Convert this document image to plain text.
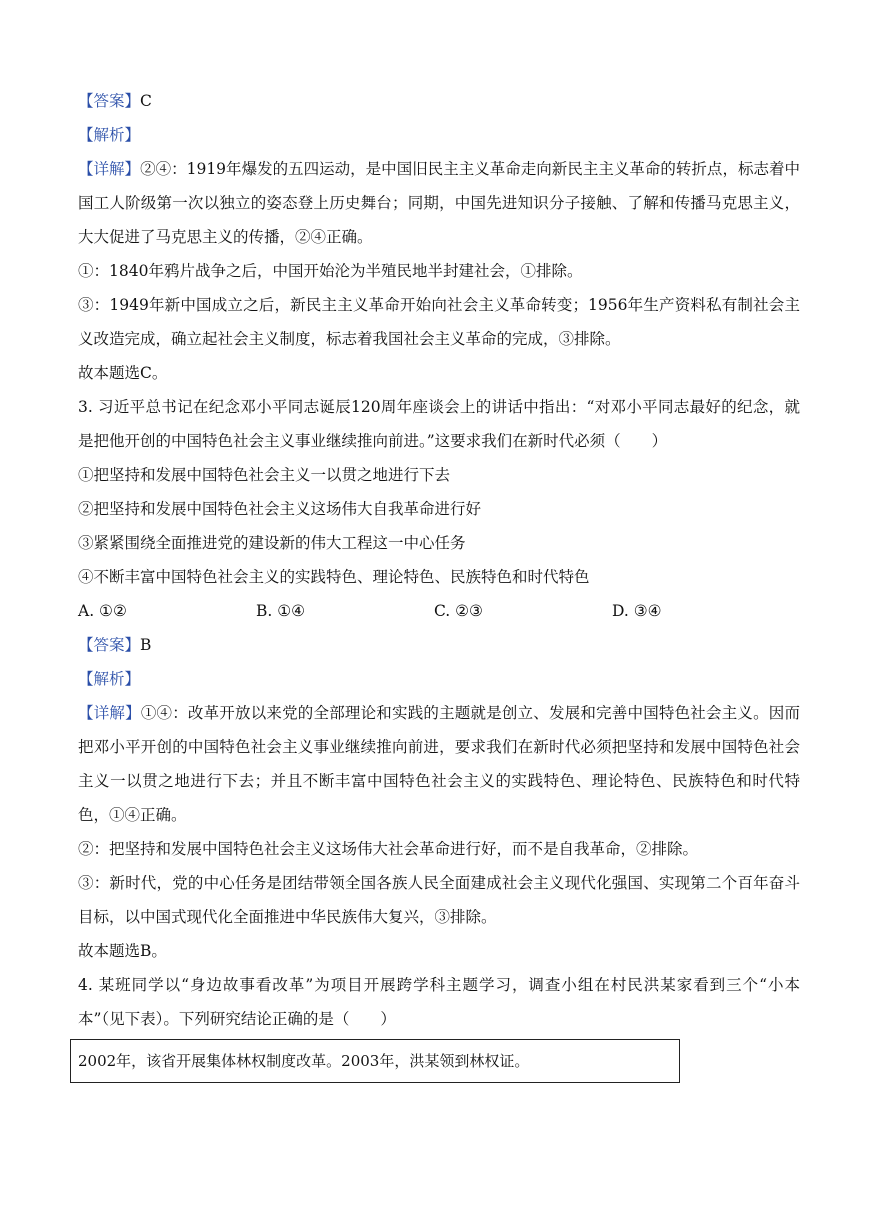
【答案】C
【解析】
【详解】②④：1919年爆发的五四运动，是中国旧民主主义革命走向新民主主义革命的转折点，标志着中国工人阶级第一次以独立的姿态登上历史舞台；同期，中国先进知识分子接触、了解和传播马克思主义，大大促进了马克思主义的传播，②④正确。
①：1840年鸦片战争之后，中国开始沦为半殖民地半封建社会，①排除。
③：1949年新中国成立之后，新民主主义革命开始向社会主义革命转变；1956年生产资料私有制社会主义改造完成，确立起社会主义制度，标志着我国社会主义革命的完成，③排除。
故本题选C。
3. 习近平总书记在纪念邓小平同志诞辰120周年座谈会上的讲话中指出：“对邓小平同志最好的纪念，就是把他开创的中国特色社会主义事业继续推向前进。”这要求我们在新时代必须（　　）
①把坚持和发展中国特色社会主义一以贯之地进行下去
②把坚持和发展中国特色社会主义这场伟大自我革命进行好
③紧紧围绕全面推进党的建设新的伟大工程这一中心任务
④不断丰富中国特色社会主义的实践特色、理论特色、民族特色和时代特色
A. ①②	B. ①④	C. ②③	D. ③④
【答案】B
【解析】
【详解】①④：改革开放以来党的全部理论和实践的主题就是创立、发展和完善中国特色社会主义。因而把邓小平开创的中国特色社会主义事业继续推向前进，要求我们在新时代必须把坚持和发展中国特色社会主义一以贯之地进行下去；并且不断丰富中国特色社会主义的实践特色、理论特色、民族特色和时代特色，①④正确。
②：把坚持和发展中国特色社会主义这场伟大社会革命进行好，而不是自我革命，②排除。
③：新时代，党的中心任务是团结带领全国各族人民全面建成社会主义现代化强国、实现第二个百年奋斗目标，以中国式现代化全面推进中华民族伟大复兴，③排除。
故本题选B。
4. 某班同学以“身边故事看改革”为项目开展跨学科主题学习，调查小组在村民洪某家看到三个“小本本”（见下表）。下列研究结论正确的是（　　）
2002年，该省开展集体林权制度改革。2003年，洪某领到林权证。
